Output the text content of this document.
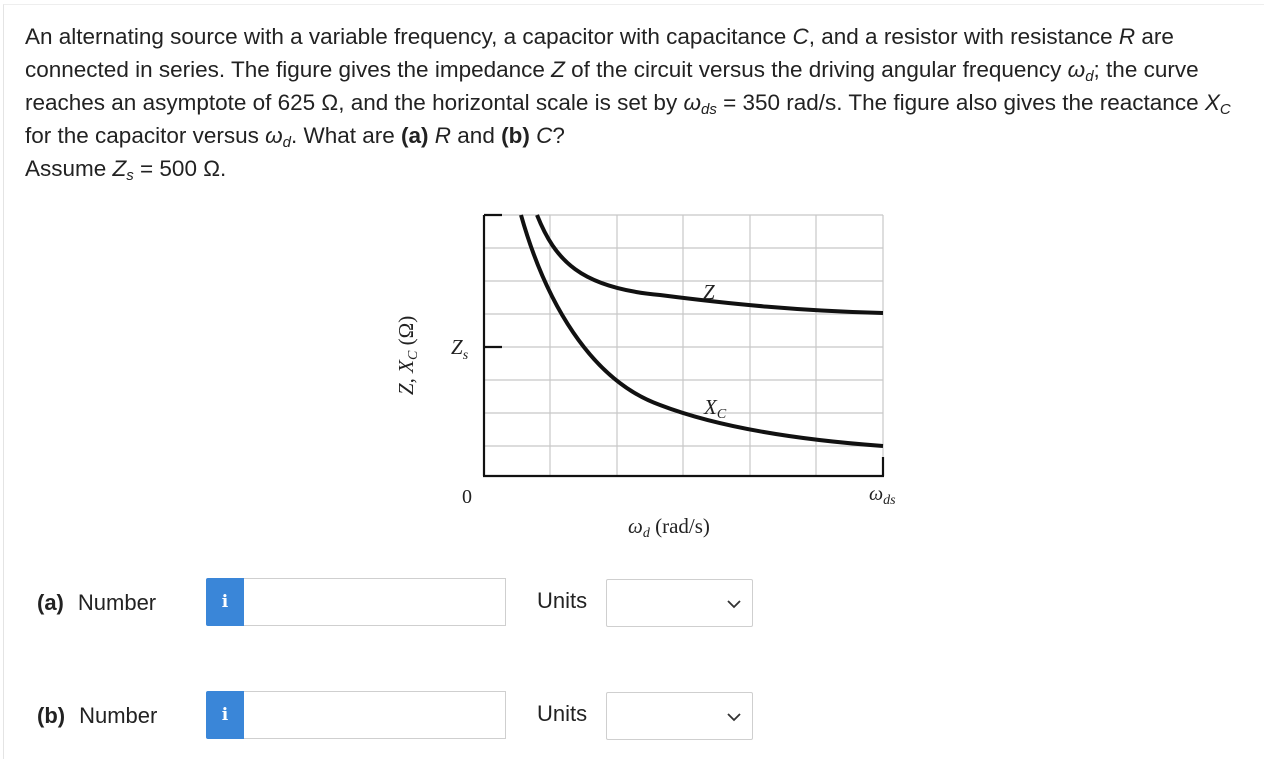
An alternating source with a variable frequency, a capacitor with capacitance C, and a resistor with resistance R are

connected in series. The figure gives the impedance Z of the circuit versus the driving angular frequency $\omega_d$; the curve

reaches an asymptote of 625 Ω, and the horizontal scale is set by $\omega_{ds} = 350$ rad/s. The figure also gives the reactance $X_C$

for the capacitor versus $\omega_d$. What are (a) R and (b) C?

Assume $Z_s = 500$ Ω.

Z
XC
$Z_s$
0	$\omega_{ds}$
ωd (rad/s)
Z, XC (Ω)
(a) Number	i	Units
(b) Number	i	Units
